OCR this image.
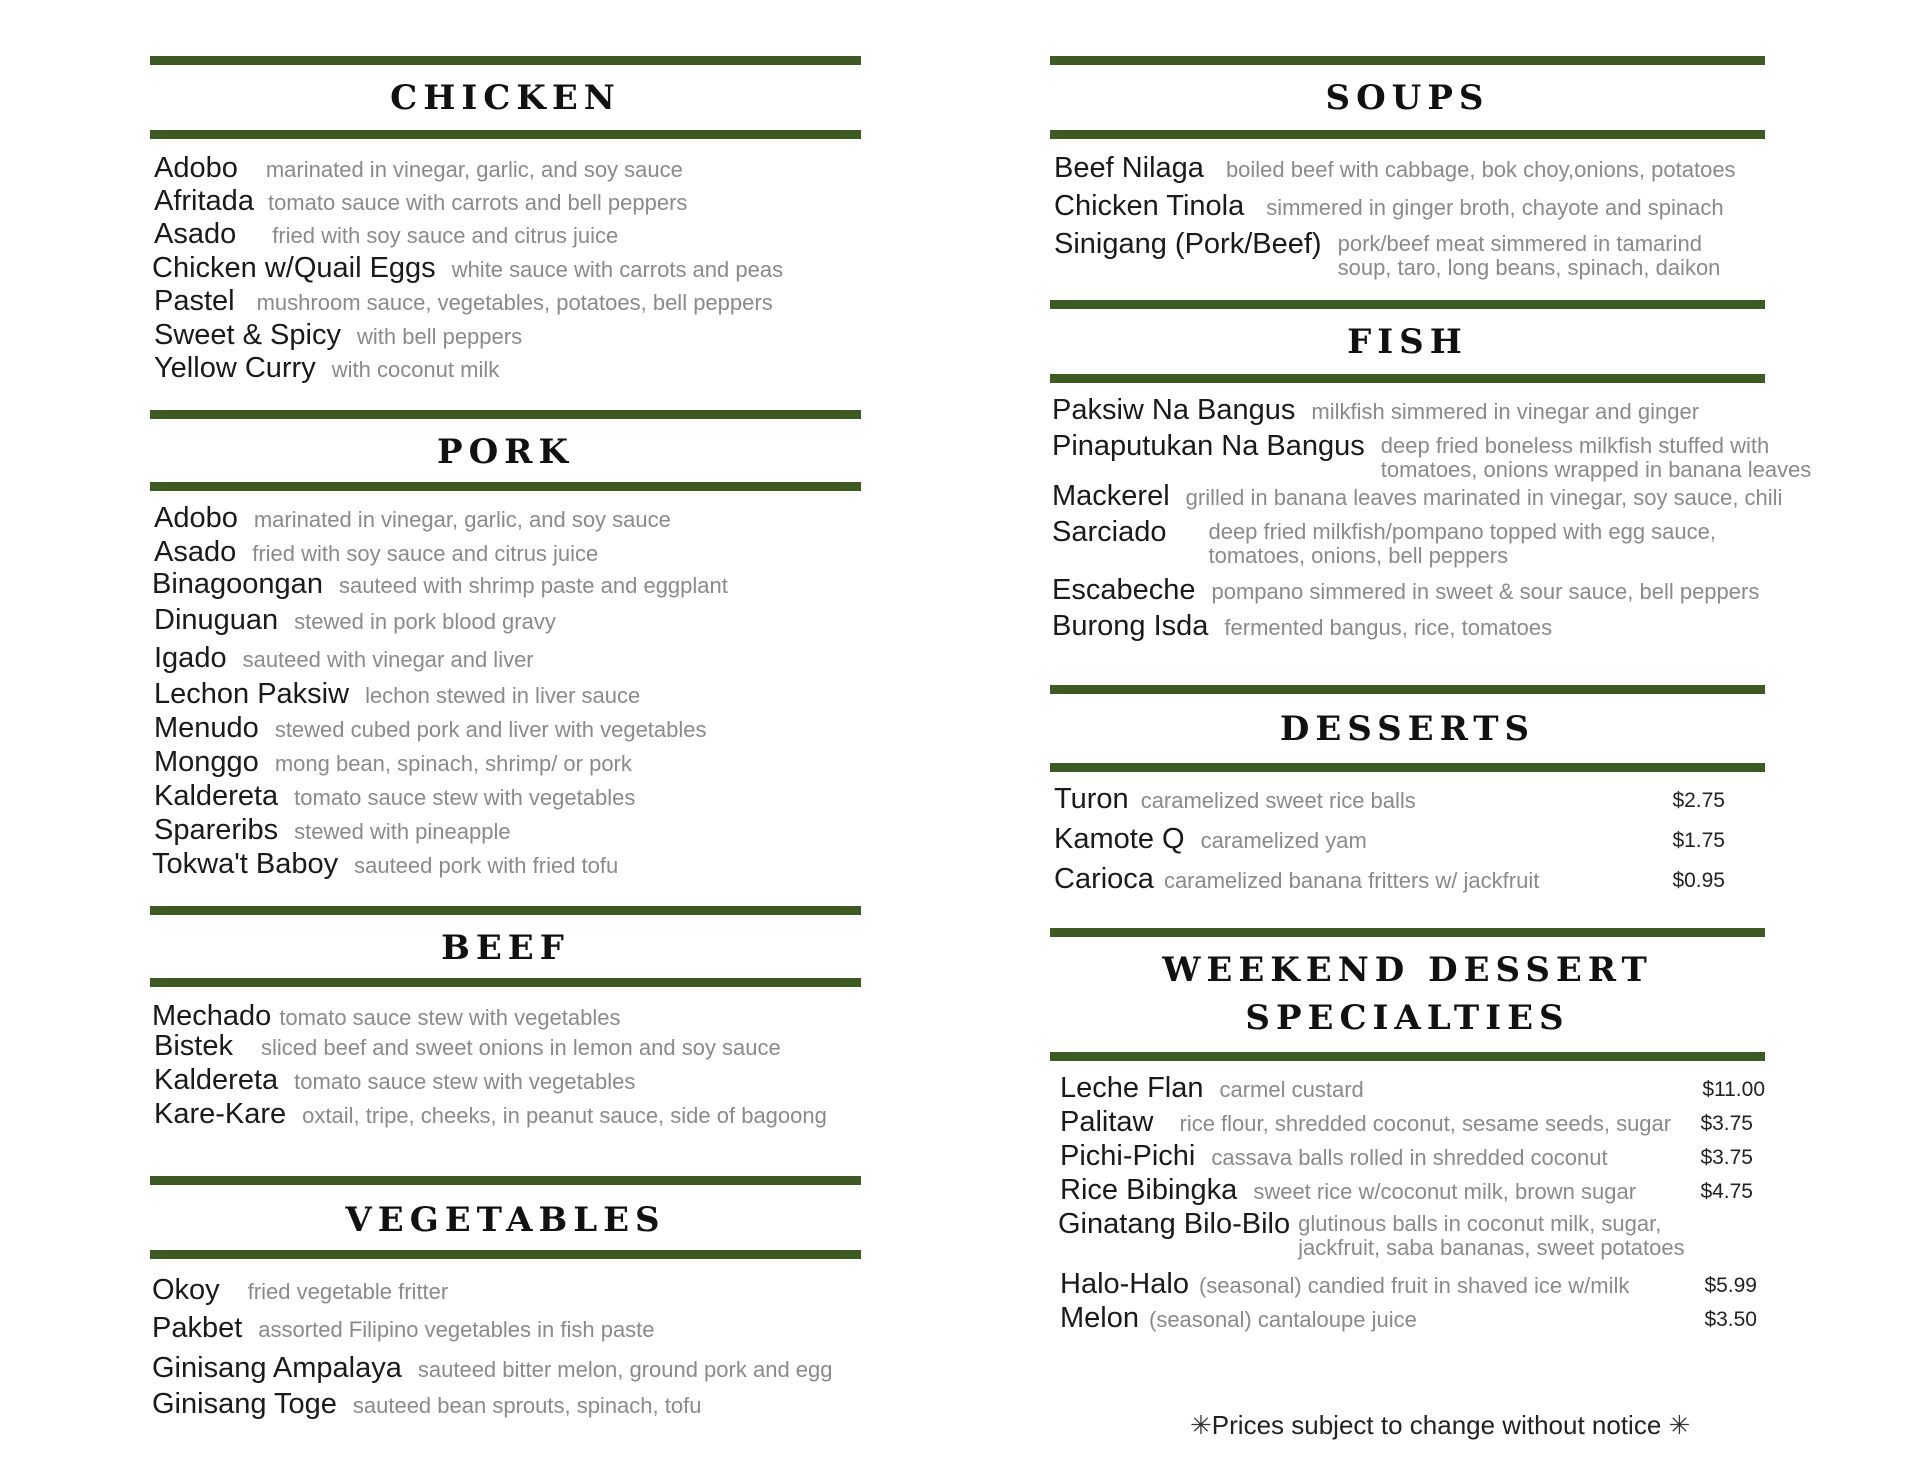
CHICKEN
Adobo marinated in vinegar, garlic, and soy sauce
Afritada tomato sauce with carrots and bell peppers
Asado fried with soy sauce and citrus juice
Chicken w/Quail Eggs white sauce with carrots and peas
Pastel mushroom sauce, vegetables, potatoes, bell peppers
Sweet & Spicy with bell peppers
Yellow Curry with coconut milk
PORK
Adobo marinated in vinegar, garlic, and soy sauce
Asado fried with soy sauce and citrus juice
Binagoongan sauteed with shrimp paste and eggplant
Dinuguan stewed in pork blood gravy
Igado sauteed with vinegar and liver
Lechon Paksiw lechon stewed in liver sauce
Menudo stewed cubed pork and liver with vegetables
Monggo mong bean, spinach, shrimp/ or pork
Kaldereta tomato sauce stew with vegetables
Spareribs stewed with pineapple
Tokwa't Baboy sauteed pork with fried tofu
BEEF
Mechado tomato sauce stew with vegetables
Bistek sliced beef and sweet onions in lemon and soy sauce
Kaldereta tomato sauce stew with vegetables
Kare-Kare oxtail, tripe, cheeks, in peanut sauce, side of bagoong
VEGETABLES
Okoy fried vegetable fritter
Pakbet assorted Filipino vegetables in fish paste
Ginisang Ampalaya sauteed bitter melon, ground pork and egg
Ginisang Toge sauteed bean sprouts, spinach, tofu
SOUPS
Beef Nilaga boiled beef with cabbage, bok choy,onions, potatoes
Chicken Tinola simmered in ginger broth, chayote and spinach
Sinigang (Pork/Beef) pork/beef meat simmered in tamarind soup, taro, long beans, spinach, daikon
FISH
Paksiw Na Bangus milkfish simmered in vinegar and ginger
Pinaputukan Na Bangus deep fried boneless milkfish stuffed with tomatoes, onions wrapped in banana leaves
Mackerel grilled in banana leaves marinated in vinegar, soy sauce, chili
Sarciado deep fried milkfish/pompano topped with egg sauce, tomatoes, onions, bell peppers
Escabeche pompano simmered in sweet & sour sauce, bell peppers
Burong Isda fermented bangus, rice, tomatoes
DESSERTS
Turon caramelized sweet rice balls	$2.75
Kamote Q caramelized yam	$1.75
Carioca caramelized banana fritters w/ jackfruit	$0.95
WEEKEND DESSERT
SPECIALTIES
Leche Flan carmel custard	$11.00
Palitaw rice flour, shredded coconut, sesame seeds, sugar $3.75
Pichi-Pichi cassava balls rolled in shredded coconut	$3.75
Rice Bibingka sweet rice w/coconut milk, brown sugar	$4.75
Ginatang Bilo-Bilo glutinous balls in coconut milk, sugar, jackfruit, saba bananas, sweet potatoes
Halo-Halo (seasonal) candied fruit in shaved ice w/milk	$5.99
Melon (seasonal) cantaloupe juice	$3.50
✳Prices subject to change without notice ✳
